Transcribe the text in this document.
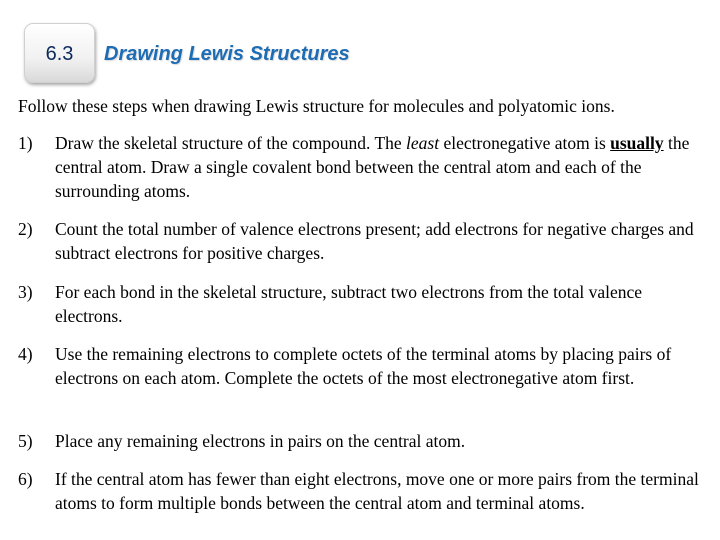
6.3	Drawing Lewis Structures
Follow these steps when drawing Lewis structure for molecules and polyatomic ions.
1) Draw the skeletal structure of the compound. The least electronegative atom is usually the central atom. Draw a single covalent bond between the central atom and each of the surrounding atoms.
2) Count the total number of valence electrons present; add electrons for negative charges and subtract electrons for positive charges.
3) For each bond in the skeletal structure, subtract two electrons from the total valence electrons.
4) Use the remaining electrons to complete octets of the terminal atoms by placing pairs of electrons on each atom. Complete the octets of the most electronegative atom first.
5) Place any remaining electrons in pairs on the central atom.
6) If the central atom has fewer than eight electrons, move one or more pairs from the terminal atoms to form multiple bonds between the central atom and terminal atoms.
